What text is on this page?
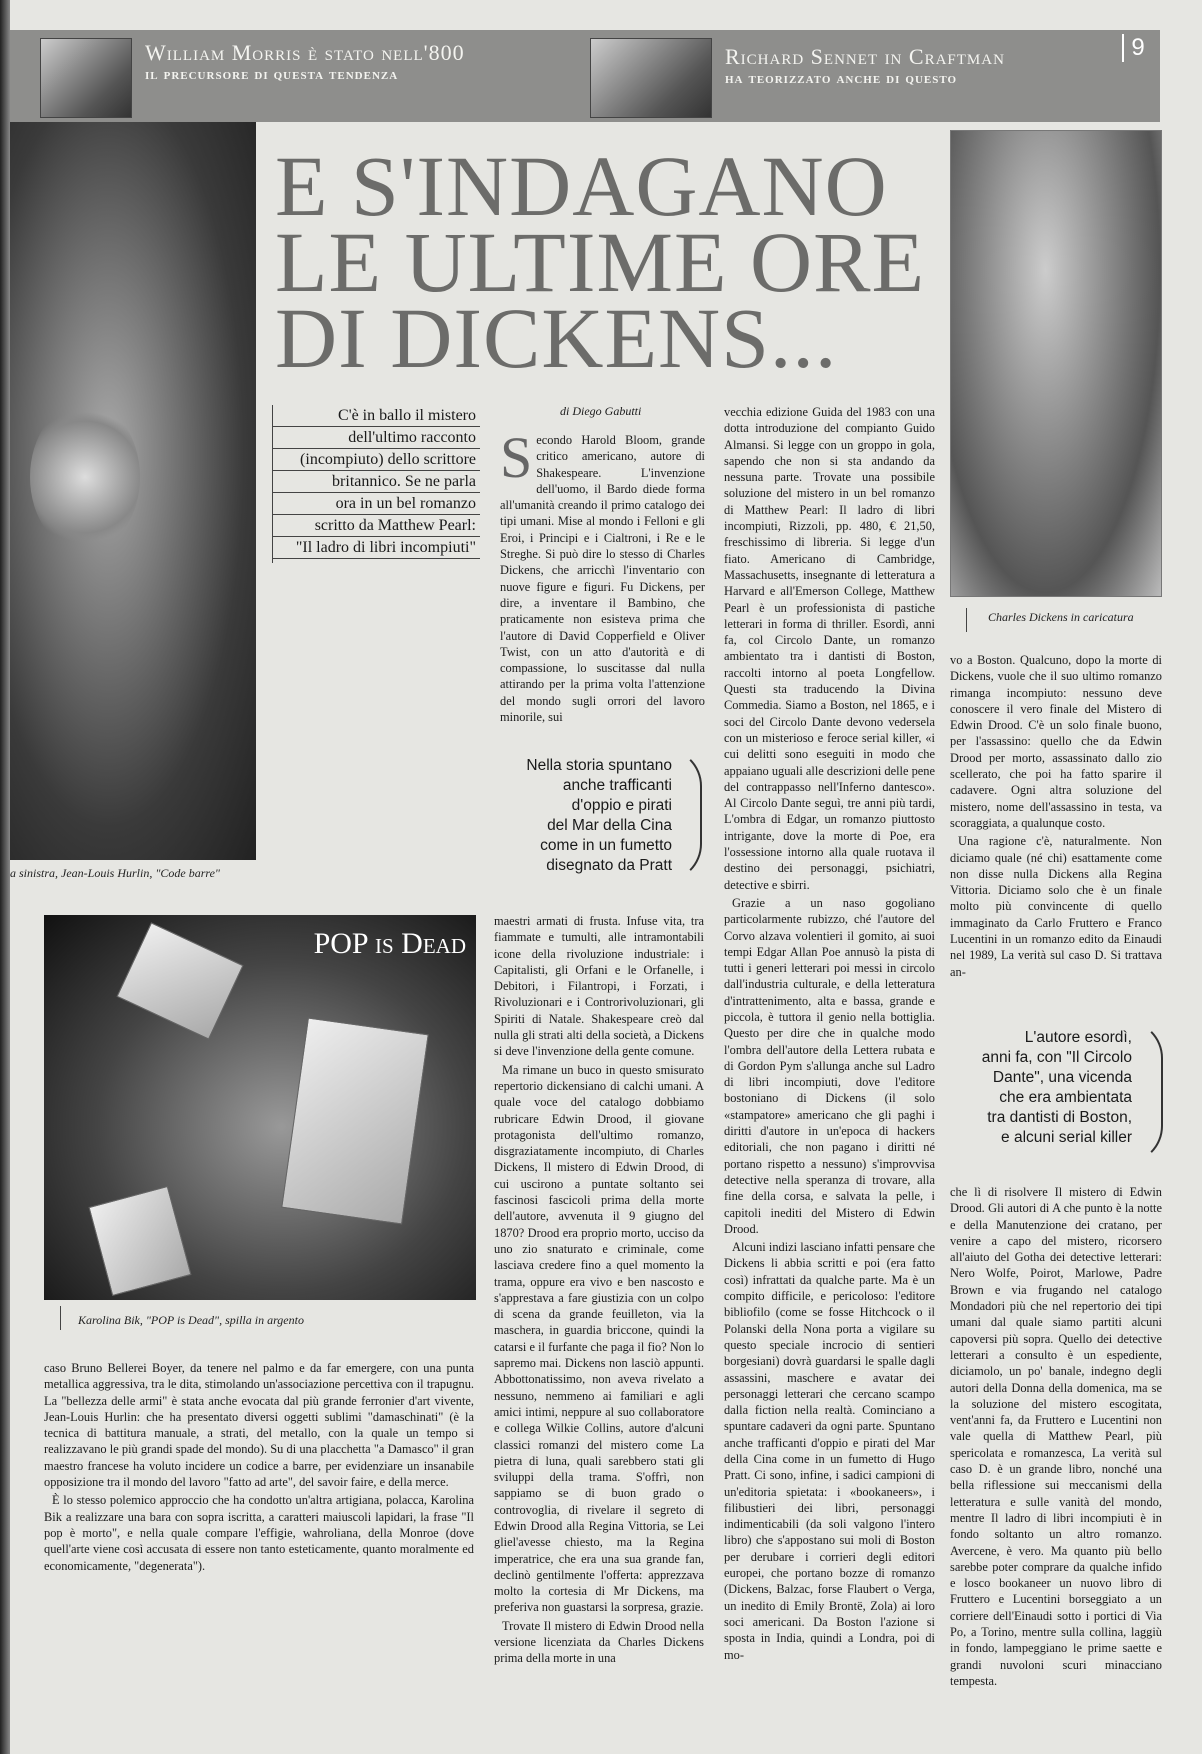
William Morris è stato nell'800
il precursore di questa tendenza
Richard Sennet in Craftman
ha teorizzato anche di questo
9
a sinistra, Jean-Louis Hurlin, "Code barre"
Charles Dickens in caricatura
POP is Dead
Karolina Bik, "POP is Dead", spilla in argento
E S'INDAGANO
LE ULTIME ORE
DI DICKENS...
C'è in ballo il mistero
dell'ultimo racconto
(incompiuto) dello scrittore
britannico. Se ne parla
ora in un bel romanzo
scritto da Matthew Pearl:
"Il ladro di libri incompiuti"
di Diego Gabutti

Secondo Harold Bloom, grande critico americano, autore di Shakespeare. L'invenzione dell'uomo, il Bardo diede forma all'umanità creando il primo catalogo dei tipi umani. Mise al mondo i Felloni e gli Eroi, i Principi e i Cialtroni, i Re e le Streghe. Si può dire lo stesso di Charles Dickens, che arricchì l'inventario con nuove figure e figuri. Fu Dickens, per dire, a inventare il Bambino, che praticamente non esisteva prima che l'autore di David Copperfield e Oliver Twist, con un atto d'autorità e di compassione, lo suscitasse dal nulla attirando per la prima volta l'attenzione del mondo sugli orrori del lavoro minorile, sui

Nella storia spuntano
anche trafficanti
d'oppio e pirati
del Mar della Cina
come in un fumetto
disegnato da Pratt

maestri armati di frusta. Infuse vita, tra fiammate e tumulti, alle intramontabili icone della rivoluzione industriale: i Capitalisti, gli Orfani e le Orfanelle, i Debitori, i Filantropi, i Forzati, i Rivoluzionari e i Controrivoluzionari, gli Spiriti di Natale. Shakespeare creò dal nulla gli strati alti della società, a Dickens si deve l'invenzione della gente comune.

Ma rimane un buco in questo smisurato repertorio dickensiano di calchi umani. A quale voce del catalogo dobbiamo rubricare Edwin Drood, il giovane protagonista dell'ultimo romanzo, disgraziatamente incompiuto, di Charles Dickens, Il mistero di Edwin Drood, di cui uscirono a puntate soltanto sei fascinosi fascicoli prima della morte dell'autore, avvenuta il 9 giugno del 1870? Drood era proprio morto, ucciso da uno zio snaturato e criminale, come lasciava credere fino a quel momento la trama, oppure era vivo e ben nascosto e s'apprestava a fare giustizia con un colpo di scena da grande feuilleton, via la maschera, in guardia briccone, quindi la catarsi e il furfante che paga il fio? Non lo sapremo mai. Dickens non lasciò appunti. Abbottonatissimo, non aveva rivelato a nessuno, nemmeno ai familiari e agli amici intimi, neppure al suo collaboratore e collega Wilkie Collins, autore d'alcuni classici romanzi del mistero come La pietra di luna, quali sarebbero stati gli sviluppi della trama. S'offrì, non sappiamo se di buon grado o controvoglia, di rivelare il segreto di Edwin Drood alla Regina Vittoria, se Lei gliel'avesse chiesto, ma la Regina imperatrice, che era una sua grande fan, declinò gentilmente l'offerta: apprezzava molto la cortesia di Mr Dickens, ma preferiva non guastarsi la sorpresa, grazie.

Trovate Il mistero di Edwin Drood nella versione licenziata da Charles Dickens prima della morte in una

vecchia edizione Guida del 1983 con una dotta introduzione del compianto Guido Almansi. Si legge con un groppo in gola, sapendo che non si sta andando da nessuna parte. Trovate una possibile soluzione del mistero in un bel romanzo di Matthew Pearl: Il ladro di libri incompiuti, Rizzoli, pp. 480, € 21,50, freschissimo di libreria. Si legge d'un fiato. Americano di Cambridge, Massachusetts, insegnante di letteratura a Harvard e all'Emerson College, Matthew Pearl è un professionista di pastiche letterari in forma di thriller. Esordì, anni fa, col Circolo Dante, un romanzo ambientato tra i dantisti di Boston, raccolti intorno al poeta Longfellow. Questi sta traducendo la Divina Commedia. Siamo a Boston, nel 1865, e i soci del Circolo Dante devono vedersela con un misterioso e feroce serial killer, «i cui delitti sono eseguiti in modo che appaiano uguali alle descrizioni delle pene del contrappasso nell'Inferno dantesco». Al Circolo Dante seguì, tre anni più tardi, L'ombra di Edgar, un romanzo piuttosto intrigante, dove la morte di Poe, era l'ossessione intorno alla quale ruotava il destino dei personaggi, psichiatri, detective e sbirri.

Grazie a un naso gogoliano particolarmente rubizzo, ché l'autore del Corvo alzava volentieri il gomito, ai suoi tempi Edgar Allan Poe annusò la pista di tutti i generi letterari poi messi in circolo dall'industria culturale, e della letteratura d'intrattenimento, alta e bassa, grande e piccola, è tuttora il genio nella bottiglia. Questo per dire che in qualche modo l'ombra dell'autore della Lettera rubata e di Gordon Pym s'allunga anche sul Ladro di libri incompiuti, dove l'editore bostoniano di Dickens (il solo «stampatore» americano che gli paghi i diritti d'autore in un'epoca di hackers editoriali, che non pagano i diritti né portano rispetto a nessuno) s'improvvisa detective nella speranza di trovare, alla fine della corsa, e salvata la pelle, i capitoli inediti del Mistero di Edwin Drood.

Alcuni indizi lasciano infatti pensare che Dickens li abbia scritti e poi (era fatto così) infrattati da qualche parte. Ma è un compito difficile, e pericoloso: l'editore bibliofilo (come se fosse Hitchcock o il Polanski della Nona porta a vigilare su questo speciale incrocio di sentieri borgesiani) dovrà guardarsi le spalle dagli assassini, maschere e avatar dei personaggi letterari che cercano scampo dalla fiction nella realtà. Cominciano a spuntare cadaveri da ogni parte. Spuntano anche trafficanti d'oppio e pirati del Mar della Cina come in un fumetto di Hugo Pratt. Ci sono, infine, i sadici campioni di un'editoria spietata: i «bookaneers», i filibustieri dei libri, personaggi indimenticabili (da soli valgono l'intero libro) che s'appostano sui moli di Boston per derubare i corrieri degli editori europei, che portano bozze di romanzo (Dickens, Balzac, forse Flaubert o Verga, un inedito di Emily Brontë, Zola) ai loro soci americani. Da Boston l'azione si sposta in India, quindi a Londra, poi di mo-

vo a Boston. Qualcuno, dopo la morte di Dickens, vuole che il suo ultimo romanzo rimanga incompiuto: nessuno deve conoscere il vero finale del Mistero di Edwin Drood. C'è un solo finale buono, per l'assassino: quello che da Edwin Drood per morto, assassinato dallo zio scellerato, che poi ha fatto sparire il cadavere. Ogni altra soluzione del mistero, nome dell'assassino in testa, va scoraggiata, a qualunque costo.

Una ragione c'è, naturalmente. Non diciamo quale (né chi) esattamente come non disse nulla Dickens alla Regina Vittoria. Diciamo solo che è un finale molto più convincente di quello immaginato da Carlo Fruttero e Franco Lucentini in un romanzo edito da Einaudi nel 1989, La verità sul caso D. Si trattava an-

L'autore esordì,
anni fa, con "Il Circolo
Dante", una vicenda
che era ambientata
tra dantisti di Boston,
e alcuni serial killer

che lì di risolvere Il mistero di Edwin Drood. Gli autori di A che punto è la notte e della Manutenzione dei cratano, per venire a capo del mistero, ricorsero all'aiuto del Gotha dei detective letterari: Nero Wolfe, Poirot, Marlowe, Padre Brown e via frugando nel catalogo Mondadori più che nel repertorio dei tipi umani dal quale siamo partiti alcuni capoversi più sopra. Quello dei detective letterari a consulto è un espediente, diciamolo, un po' banale, indegno degli autori della Donna della domenica, ma se la soluzione del mistero escogitata, vent'anni fa, da Fruttero e Lucentini non vale quella di Matthew Pearl, più spericolata e romanzesca, La verità sul caso D. è un grande libro, nonché una bella riflessione sui meccanismi della letteratura e sulle vanità del mondo, mentre Il ladro di libri incompiuti è in fondo soltanto un altro romanzo. Avercene, è vero. Ma quanto più bello sarebbe poter comprare da qualche infido e losco bookaneer un nuovo libro di Fruttero e Lucentini borseggiato a un corriere dell'Einaudi sotto i portici di Via Po, a Torino, mentre sulla collina, laggiù in fondo, lampeggiano le prime saette e grandi nuvoloni scuri minacciano tempesta.

caso Bruno Bellerei Boyer, da tenere nel palmo e da far emergere, con una punta metallica aggressiva, tra le dita, stimolando un'associazione percettiva con il trapugnu. La "bellezza delle armi" è stata anche evocata dal più grande ferronier d'art vivente, Jean-Louis Hurlin: che ha presentato diversi oggetti sublimi "damaschinati" (è la tecnica di battitura manuale, a strati, del metallo, con la quale un tempo si realizzavano le più grandi spade del mondo). Su di una placchetta "a Damasco" il gran maestro francese ha voluto incidere un codice a barre, per evidenziare un insanabile opposizione tra il mondo del lavoro "fatto ad arte", del savoir faire, e della merce.

È lo stesso polemico approccio che ha condotto un'altra artigiana, polacca, Karolina Bik a realizzare una bara con sopra iscritta, a caratteri maiuscoli lapidari, la frase "Il pop è morto", e nella quale compare l'effigie, wahroliana, della Monroe (dove quell'arte viene così accusata di essere non tanto esteticamente, quanto moralmente ed economicamente, "degenerata").
